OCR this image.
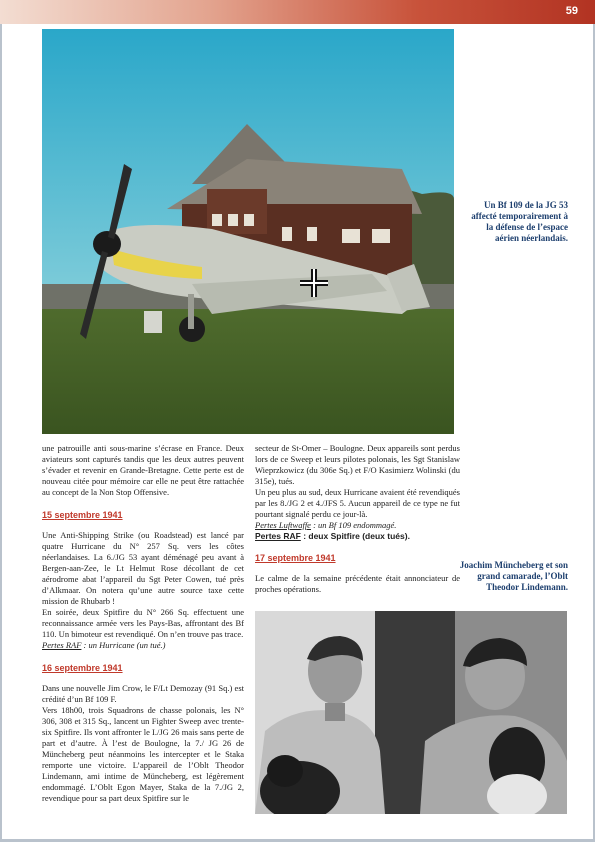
59
Un Bf 109 de la JG 53 affecté temporairement à la défense de l’espace aérien néerlandais.

une patrouille anti sous-marine s’écrase en France. Deux aviateurs sont capturés tandis que les deux autres peuvent s’évader et revenir en Grande-Bretagne. Cette perte est de nouveau citée pour mémoire car elle ne peut être rattachée au concept de la Non Stop Offensive.

15 septembre 1941

Une Anti-Shipping Strike (ou Roadstead) est lancé par quatre Hurricane du N° 257 Sq. vers les côtes néerlandaises. La 6./JG 53 ayant déménagé peu avant à Bergen-aan-Zee, le Lt Helmut Rose décollant de cet aérodrome abat l’appareil du Sgt Peter Cowen, tué près d’Alkmaar. On notera qu’une autre source taxe cette mission de Rhubarb !

En soirée, deux Spitfire du N° 266 Sq. effectuent une reconnaissance armée vers les Pays-Bas, affrontant des Bf 110. Un bimoteur est revendiqué. On n’en trouve pas trace.

Pertes RAF : un Hurricane (un tué.)

16 septembre 1941

Dans une nouvelle Jim Crow, le F/Lt Demozay (91 Sq.) est crédité d’un Bf 109 F.

Vers 18h00, trois Squadrons de chasse polonais, les N° 306, 308 et 315 Sq., lancent un Fighter Sweep avec trente-six Spitfire. Ils vont affronter le I./JG 26 mais sans perte de part et d’autre. À l’est de Boulogne, la 7./ JG 26 de Müncheberg peut néanmoins les intercepter et le Staka remporte une victoire. L’appareil de l’Oblt Theodor Lindemann, ami intime de Müncheberg, est légèrement endommagé. L’Oblt Egon Mayer, Staka de la 7./JG 2, revendique pour sa part deux Spitfire sur le

secteur de St-Omer – Boulogne. Deux appareils sont perdus lors de ce Sweep et leurs pilotes polonais, les Sgt Stanislaw Wieprzkowicz (du 306e Sq.) et F/O Kasimierz Wolinski (du 315e), tués.

Un peu plus au sud, deux Hurricane avaient été revendiqués par les 8./JG 2 et 4./JFS 5. Aucun appareil de ce type ne fut pourtant signalé perdu ce jour-là.

Pertes Luftwaffe : un Bf 109 endommagé.

Pertes RAF : deux Spitfire (deux tués).

17 septembre 1941

Le calme de la semaine précédente était annonciateur de proches opérations.

Joachim Müncheberg et son grand camarade, l’Oblt Theodor Lindemann.
